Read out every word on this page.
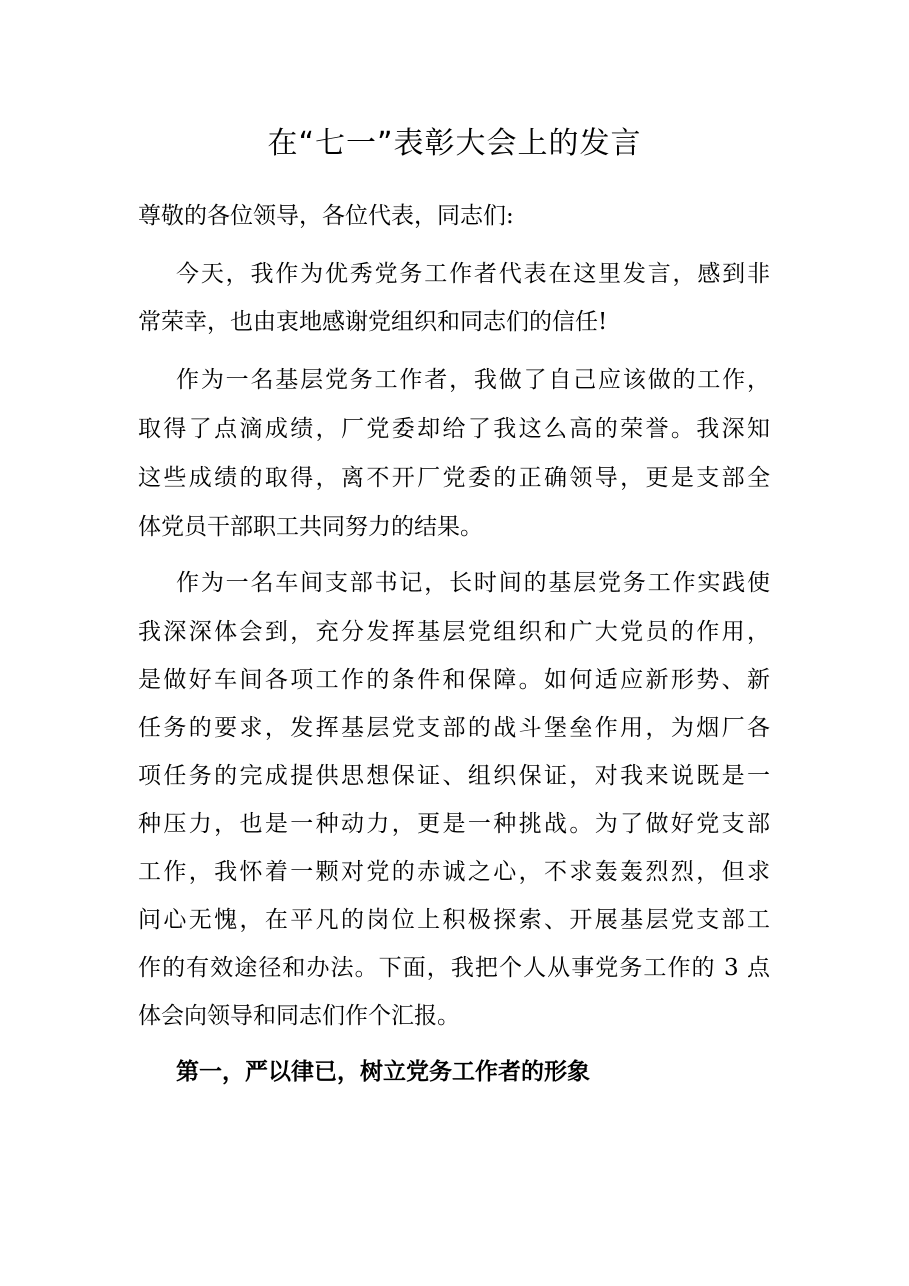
在“七一”表彰大会上的发言
尊敬的各位领导，各位代表，同志们:
今天，我作为优秀党务工作者代表在这里发言，感到非
常荣幸，也由衷地感谢党组织和同志们的信任!
作为一名基层党务工作者，我做了自己应该做的工作，
取得了点滴成绩，厂党委却给了我这么高的荣誉。我深知
这些成绩的取得，离不开厂党委的正确领导，更是支部全
体党员干部职工共同努力的结果。
作为一名车间支部书记，长时间的基层党务工作实践使
我深深体会到，充分发挥基层党组织和广大党员的作用，
是做好车间各项工作的条件和保障。如何适应新形势、新
任务的要求，发挥基层党支部的战斗堡垒作用，为烟厂各
项任务的完成提供思想保证、组织保证，对我来说既是一
种压力，也是一种动力，更是一种挑战。为了做好党支部
工作，我怀着一颗对党的赤诚之心，不求轰轰烈烈，但求
问心无愧，在平凡的岗位上积极探索、开展基层党支部工
作的有效途径和办法。下面，我把个人从事党务工作的 3 点
体会向领导和同志们作个汇报。
第一，严以律已，树立党务工作者的形象
